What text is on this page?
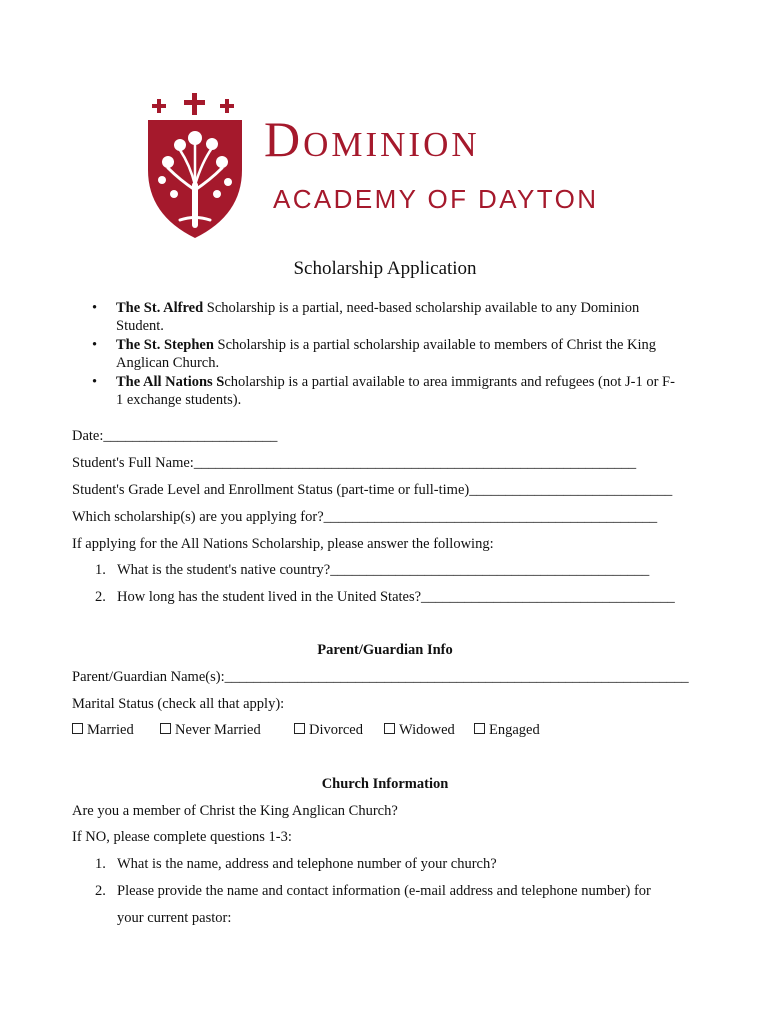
Dominion
ACADEMY OF DAYTON
Scholarship Application
• The St. Alfred Scholarship is a partial, need-based scholarship available to any Dominion Student.
• The St. Stephen Scholarship is a partial scholarship available to members of Christ the King Anglican Church.
• The All Nations Scholarship is a partial available to area immigrants and refugees (not J-1 or F-1 exchange students).
Date:________________________
Student's Full Name:_____________________________________________________________
Student's Grade Level and Enrollment Status (part-time or full-time)____________________________
Which scholarship(s) are you applying for?______________________________________________
If applying for the All Nations Scholarship, please answer the following:
1. What is the student's native country?____________________________________________
2. How long has the student lived in the United States?___________________________________
Parent/Guardian Info
Parent/Guardian Name(s):________________________________________________________________
Marital Status (check all that apply):
Married	Never Married	Divorced	Widowed	Engaged
Church Information
Are you a member of Christ the King Anglican Church?
If NO, please complete questions 1-3:
1. What is the name, address and telephone number of your church?
2. Please provide the name and contact information (e-mail address and telephone number) for
your current pastor:
